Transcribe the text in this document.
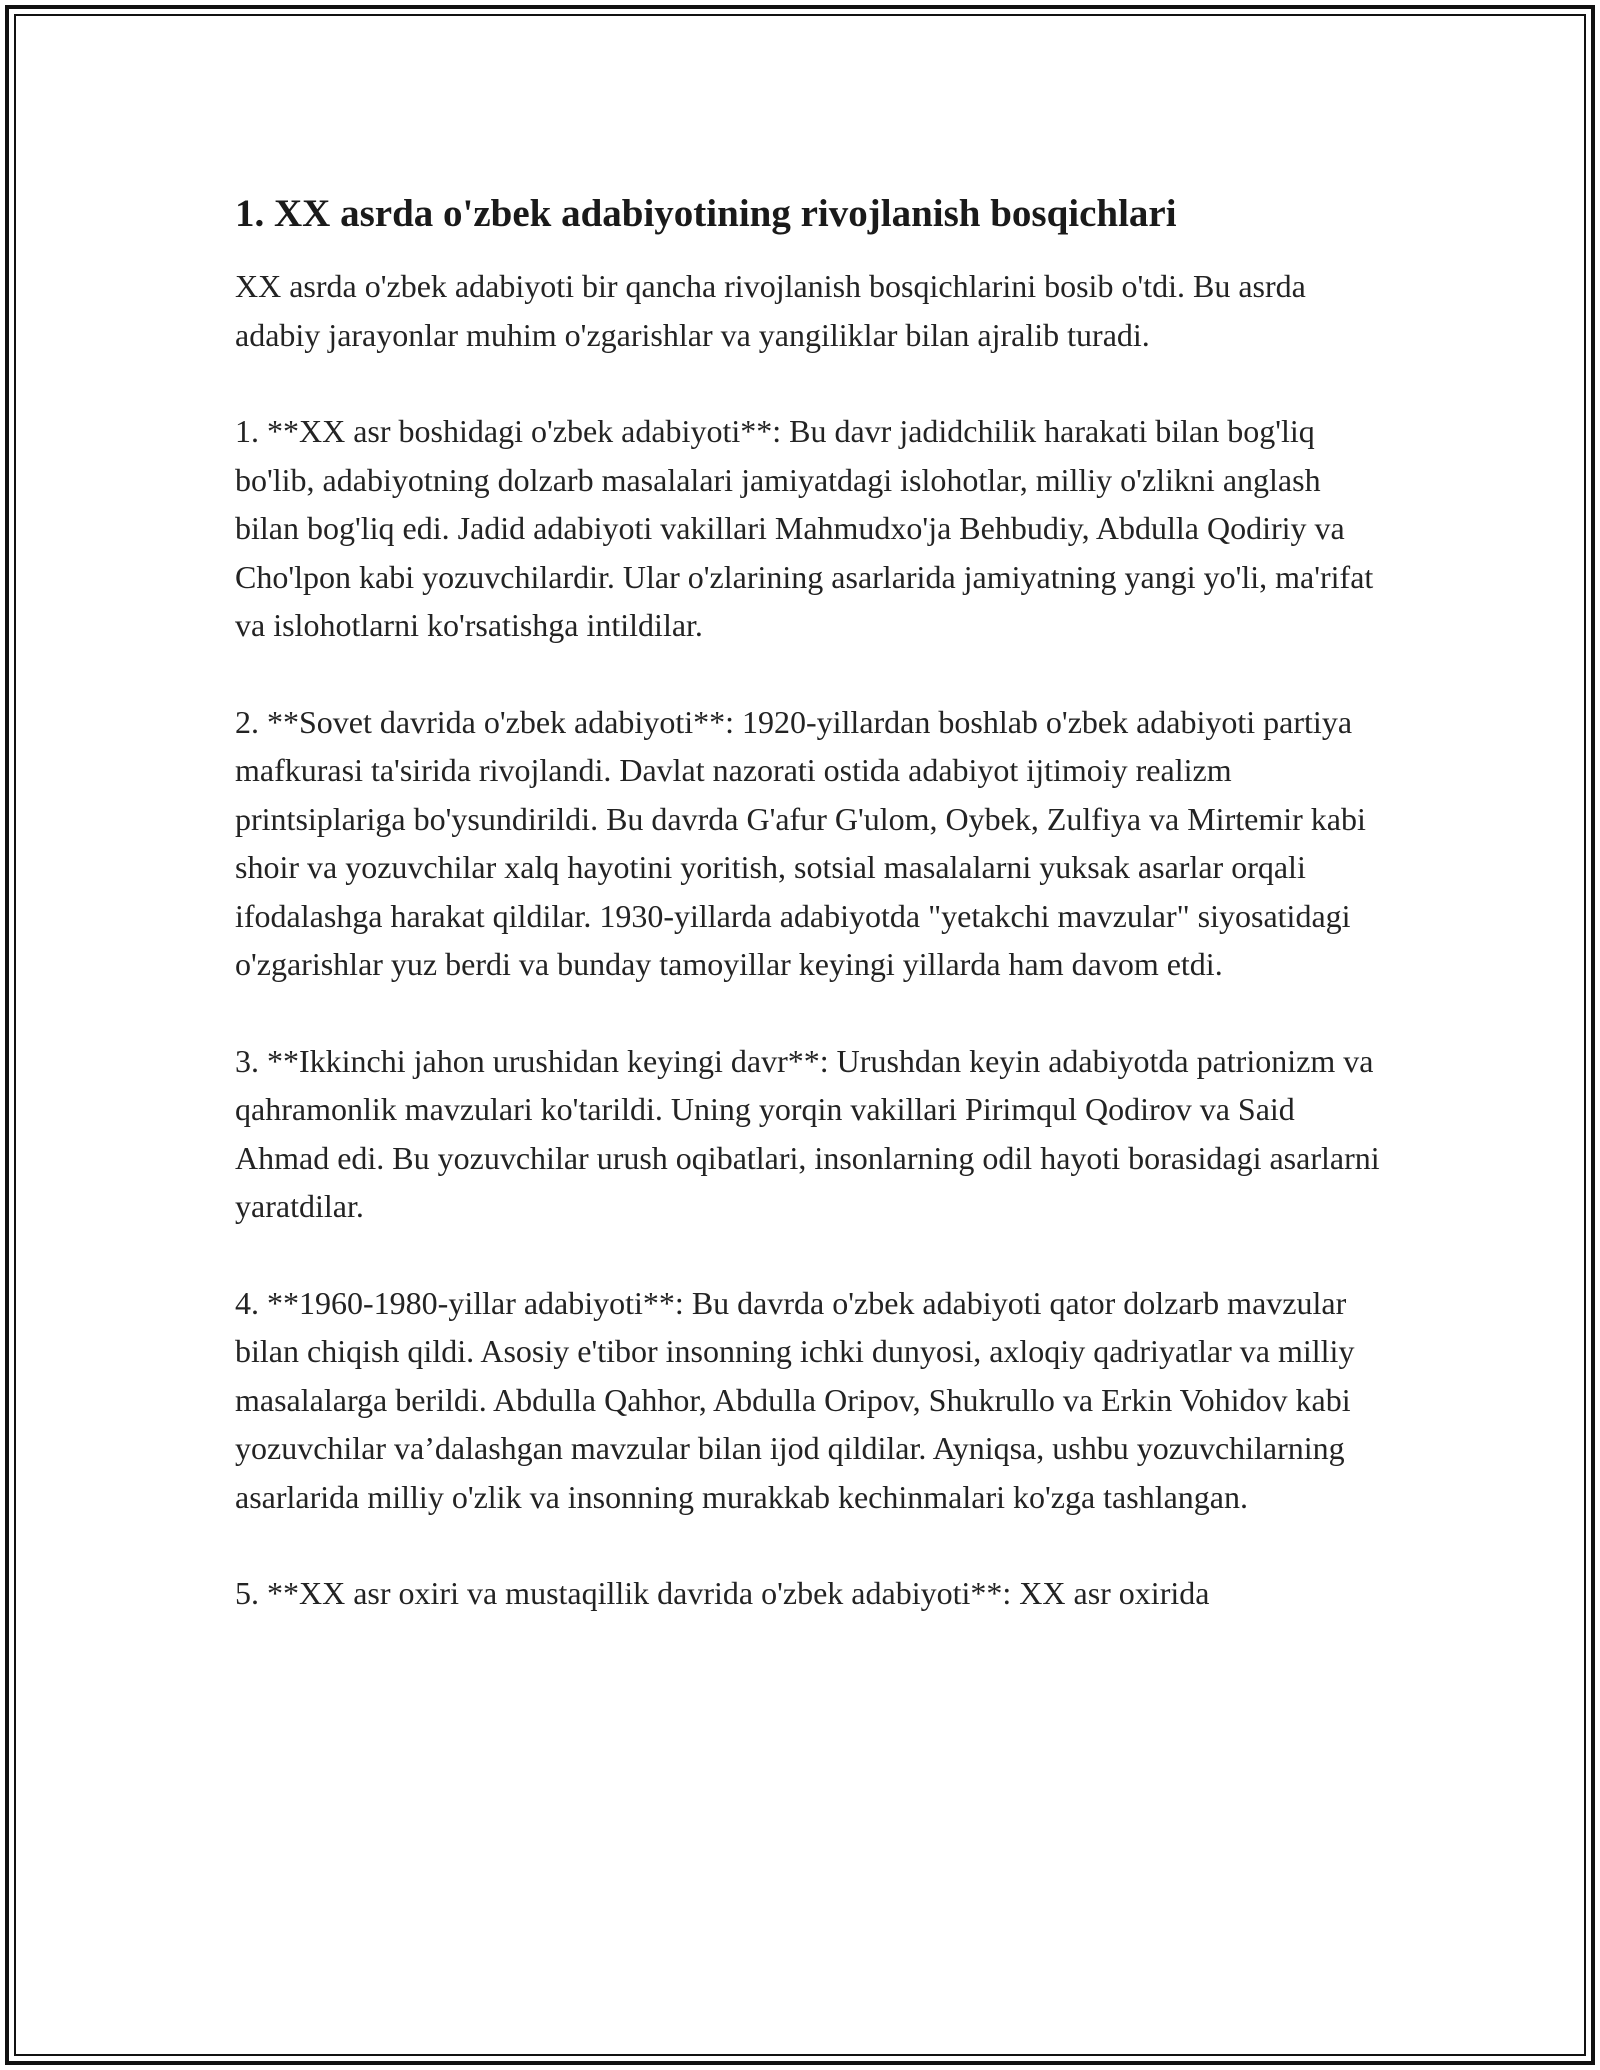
1. XX asrda o'zbek adabiyotining rivojlanish bosqichlari

XX asrda o'zbek adabiyoti bir qancha rivojlanish bosqichlarini bosib o'tdi. Bu asrda adabiy jarayonlar muhim o'zgarishlar va yangiliklar bilan ajralib turadi.

1. **XX asr boshidagi o'zbek adabiyoti**: Bu davr jadidchilik harakati bilan bog'liq bo'lib, adabiyotning dolzarb masalalari jamiyatdagi islohotlar, milliy o'zlikni anglash bilan bog'liq edi. Jadid adabiyoti vakillari Mahmudxo'ja Behbudiy, Abdulla Qodiriy va Cho'lpon kabi yozuvchilardir. Ular o'zlarining asarlarida jamiyatning yangi yo'li, ma'rifat va islohotlarni ko'rsatishga intildilar.

2. **Sovet davrida o'zbek adabiyoti**: 1920-yillardan boshlab o'zbek adabiyoti partiya mafkurasi ta'sirida rivojlandi. Davlat nazorati ostida adabiyot ijtimoiy realizm printsiplariga bo'ysundirildi. Bu davrda G'afur G'ulom, Oybek, Zulfiya va Mirtemir kabi shoir va yozuvchilar xalq hayotini yoritish, sotsial masalalarni yuksak asarlar orqali ifodalashga harakat qildilar. 1930-yillarda adabiyotda "yetakchi mavzular" siyosatidagi o'zgarishlar yuz berdi va bunday tamoyillar keyingi yillarda ham davom etdi.

3. **Ikkinchi jahon urushidan keyingi davr**: Urushdan keyin adabiyotda patrionizm va qahramonlik mavzulari ko'tarildi. Uning yorqin vakillari Pirimqul Qodirov va Said Ahmad edi. Bu yozuvchilar urush oqibatlari, insonlarning odil hayoti borasidagi asarlarni yaratdilar.

4. **1960-1980-yillar adabiyoti**: Bu davrda o'zbek adabiyoti qator dolzarb mavzular bilan chiqish qildi. Asosiy e'tibor insonning ichki dunyosi, axloqiy qadriyatlar va milliy masalalarga berildi. Abdulla Qahhor, Abdulla Oripov, Shukrullo va Erkin Vohidov kabi yozuvchilar va’dalashgan mavzular bilan ijod qildilar. Ayniqsa, ushbu yozuvchilarning asarlarida milliy o'zlik va insonning murakkab kechinmalari ko'zga tashlangan.

5. **XX asr oxiri va mustaqillik davrida o'zbek adabiyoti**: XX asr oxirida
